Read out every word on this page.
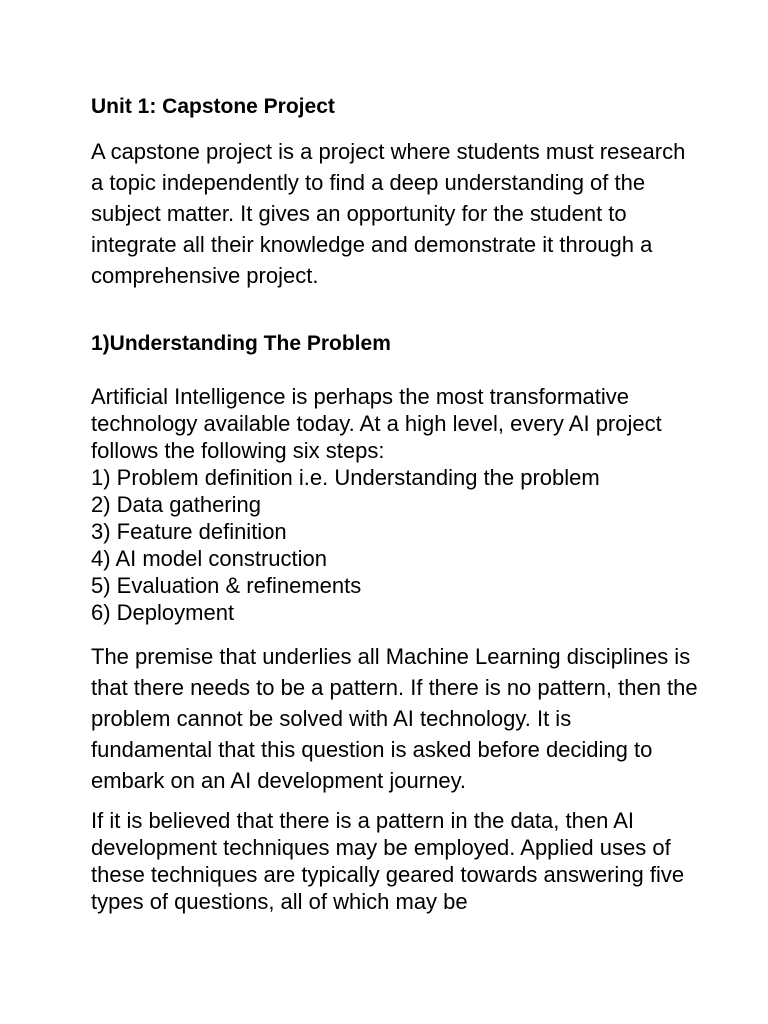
Unit 1: Capstone Project

A capstone project is a project where students must research a topic independently to find a deep understanding of the subject matter. It gives an opportunity for the student to integrate all their knowledge and demonstrate it through a comprehensive project.

1)Understanding The Problem

Artificial Intelligence is perhaps the most transformative technology available today. At a high level, every AI project follows the following six steps:

1) Problem definition i.e. Understanding the problem
2) Data gathering
3) Feature definition
4) AI model construction
5) Evaluation & refinements
6) Deployment

The premise that underlies all Machine Learning disciplines is that there needs to be a pattern. If there is no pattern, then the problem cannot be solved with AI technology. It is fundamental that this question is asked before deciding to embark on an AI development journey.

If it is believed that there is a pattern in the data, then AI development techniques may be employed. Applied uses of these techniques are typically geared towards answering five types of questions, all of which may be
